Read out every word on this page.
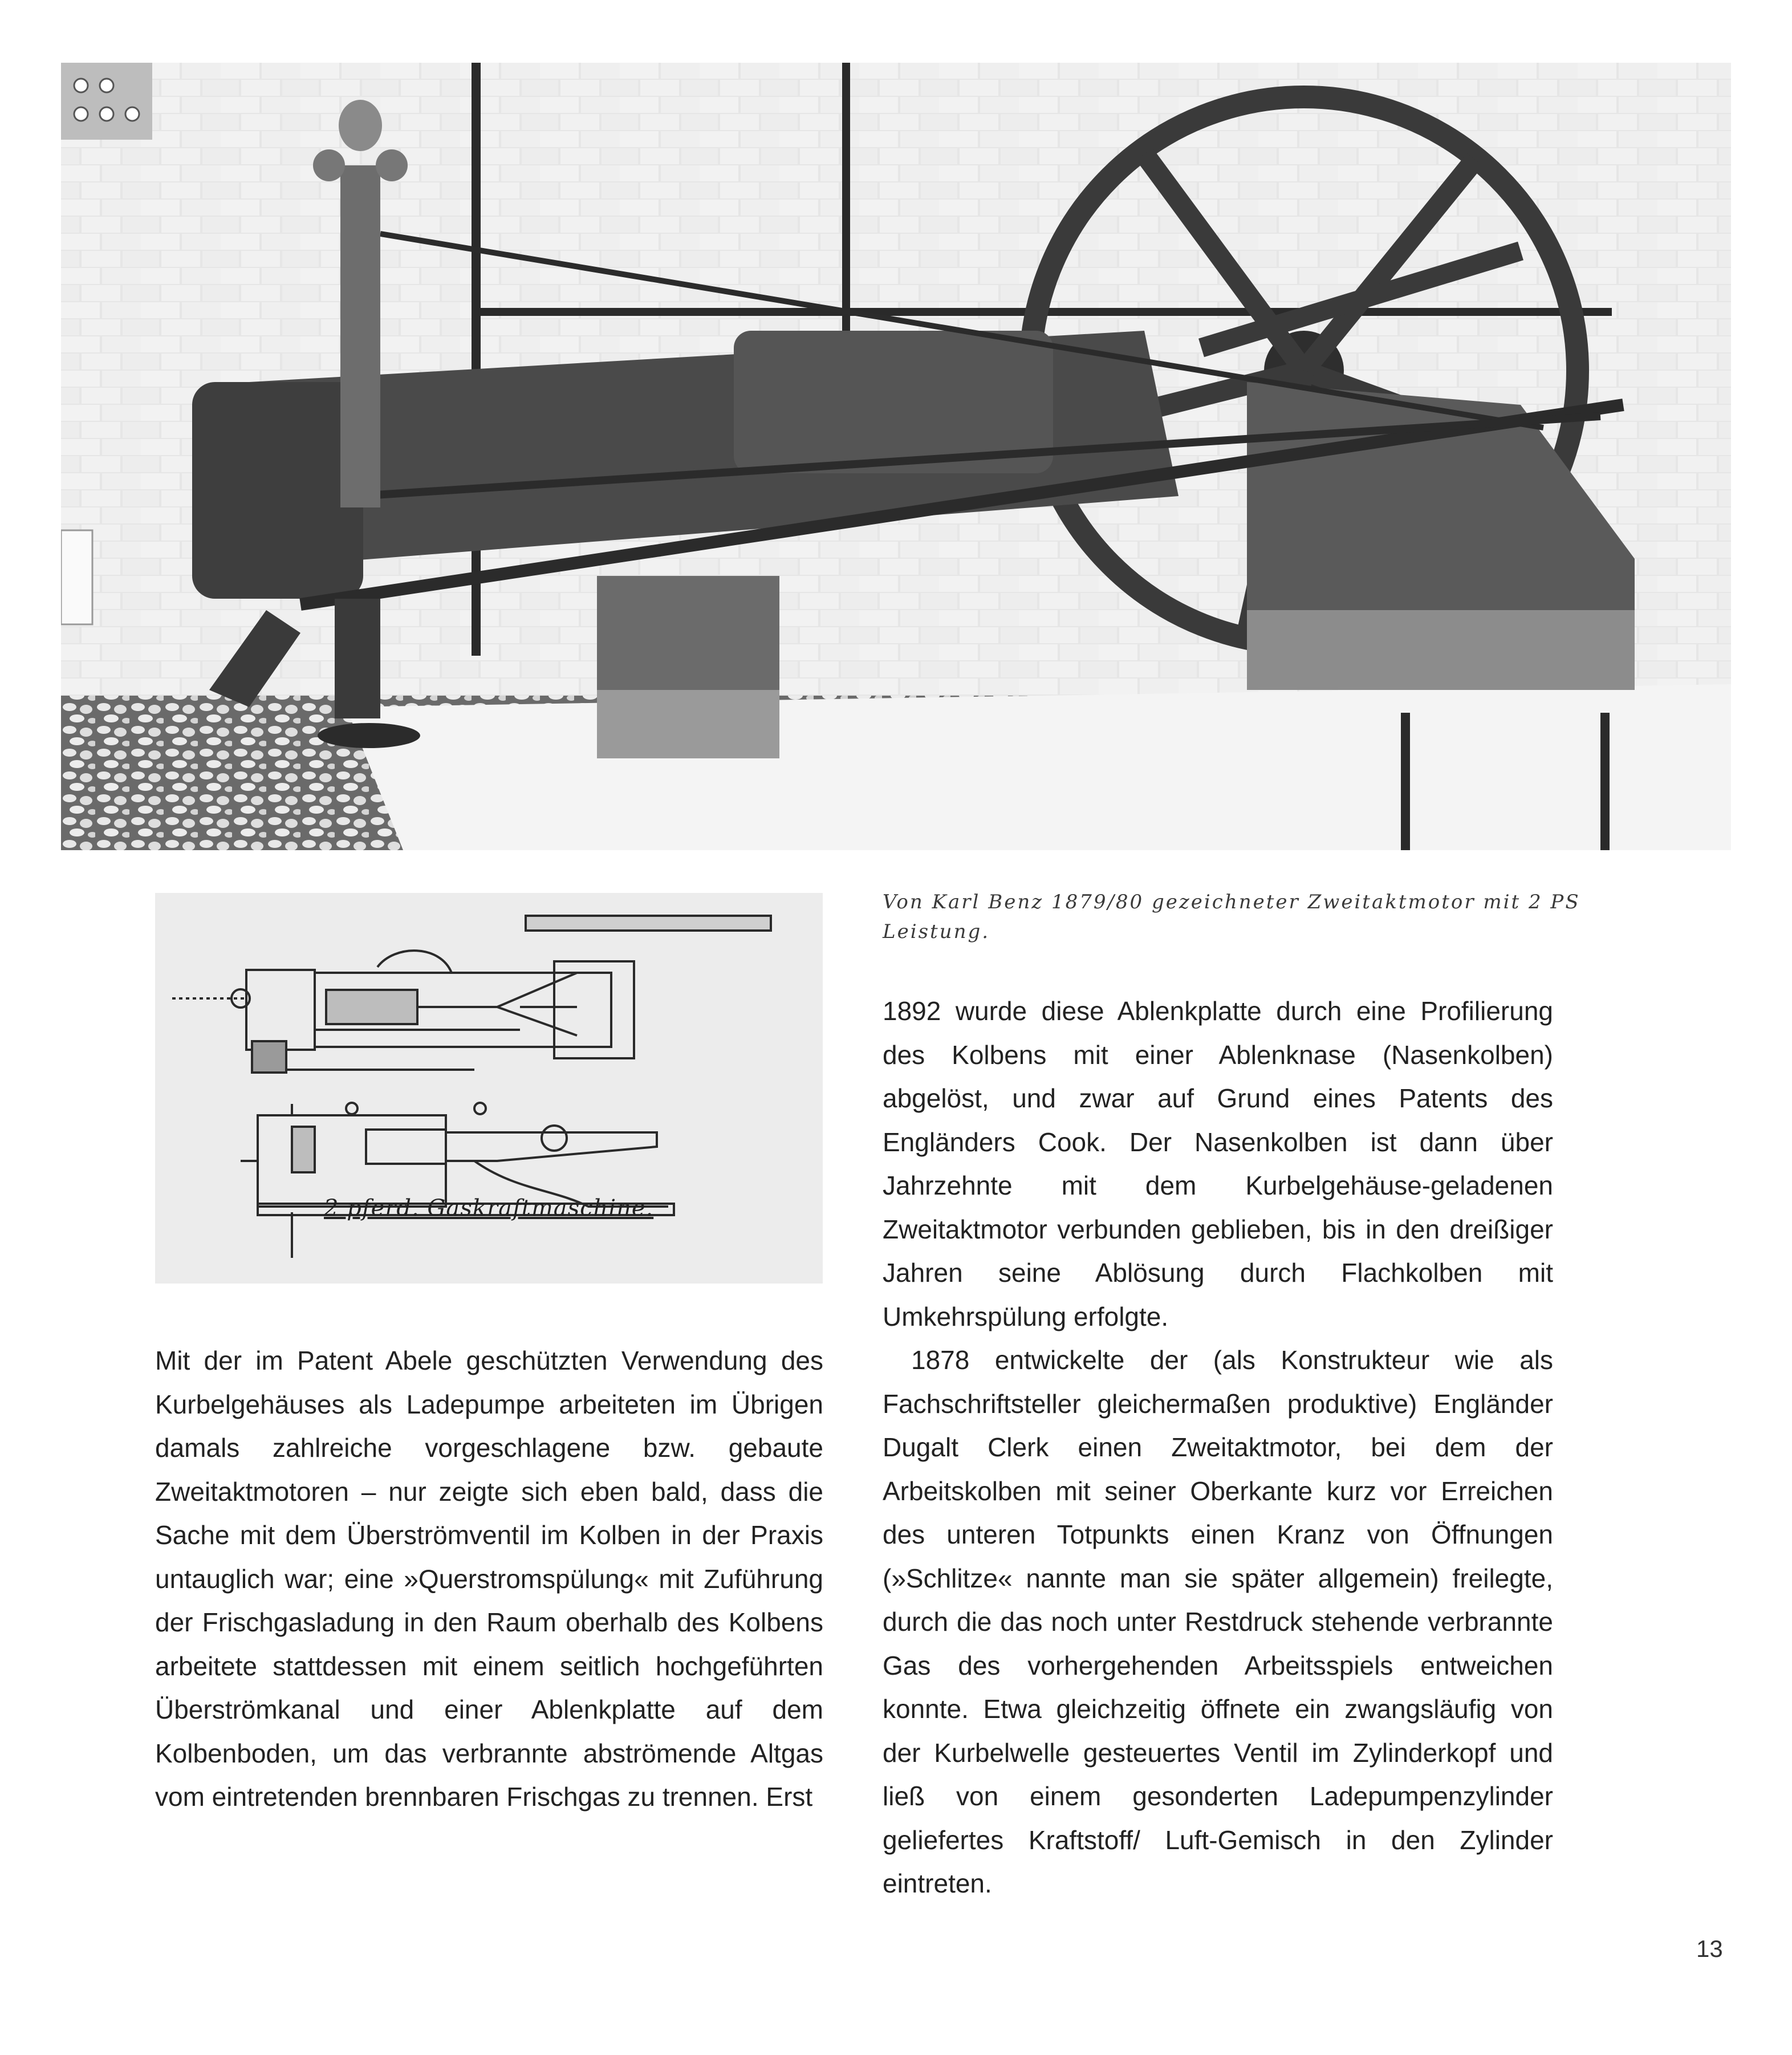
2 pferd. Gaskraftmaschine.
Von Karl Benz 1879/80 gezeichneter Zweitaktmotor mit 2 PS Leistung.

1892 wurde diese Ablenkplatte durch eine Profilierung des Kolbens mit einer Ablenknase (Nasenkolben) abgelöst, und zwar auf Grund eines Patents des Engländers Cook. Der Nasenkolben ist dann über Jahrzehnte mit dem Kurbelgehäuse-geladenen Zweitaktmotor verbunden geblieben, bis in den dreißiger Jahren seine Ablösung durch Flachkolben mit Umkehrspülung erfolgte.

1878 entwickelte der (als Konstrukteur wie als Fachschriftsteller gleichermaßen produktive) Engländer Dugalt Clerk einen Zweitaktmotor, bei dem der Arbeitskolben mit seiner Oberkante kurz vor Erreichen des unteren Totpunkts einen Kranz von Öffnungen (»Schlitze« nannte man sie später allgemein) freilegte, durch die das noch unter Restdruck stehende verbrannte Gas des vorhergehenden Arbeitsspiels entweichen konnte. Etwa gleichzeitig öffnete ein zwangsläufig von der Kurbelwelle gesteuertes Ventil im Zylinderkopf und ließ von einem gesonderten Ladepumpenzylinder geliefertes Kraftstoff/ Luft-Gemisch in den Zylinder eintreten.

Mit der im Patent Abele geschützten Verwendung des Kurbelgehäuses als Ladepumpe arbeiteten im Übrigen damals zahlreiche vorgeschlagene bzw. gebaute Zweitaktmotoren – nur zeigte sich eben bald, dass die Sache mit dem Überströmventil im Kolben in der Praxis untauglich war; eine »Querstromspülung« mit Zuführung der Frischgasladung in den Raum oberhalb des Kolbens arbeitete stattdessen mit einem seitlich hochgeführten Überströmkanal und einer Ablenkplatte auf dem Kolbenboden, um das verbrannte abströmende Altgas vom eintretenden brennbaren Frischgas zu trennen. Erst

13
